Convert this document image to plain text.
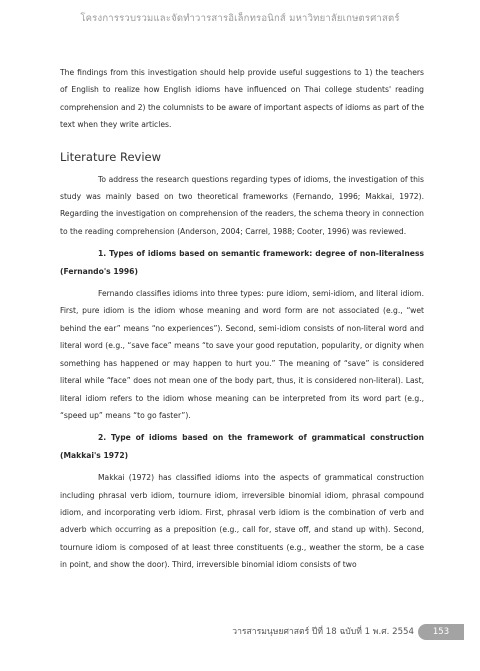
โครงการรวบรวมและจัดทำวารสารอิเล็กทรอนิกส์ มหาวิทยาลัยเกษตรศาสตร์

The findings from this investigation should help provide useful suggestions to 1) the teachers of English to realize how English idioms have influenced on Thai college students' reading comprehension and 2) the columnists to be aware of important aspects of idioms as part of the text when they write articles.

Literature Review

To address the research questions regarding types of idioms, the investigation of this study was mainly based on two theoretical frameworks (Fernando, 1996; Makkai, 1972). Regarding the investigation on comprehension of the readers, the schema theory in connection to the reading comprehension (Anderson, 2004; Carrel, 1988; Cooter, 1996) was reviewed.

1. Types of idioms based on semantic framework: degree of non-literalness (Fernando's 1996)

Fernando classifies idioms into three types: pure idiom, semi-idiom, and literal idiom. First, pure idiom is the idiom whose meaning and word form are not associated (e.g., “wet behind the ear” means “no experiences”). Second, semi-idiom consists of non-literal word and literal word (e.g., “save face” means “to save your good reputation, popularity, or dignity when something has happened or may happen to hurt you.” The meaning of “save” is considered literal while “face” does not mean one of the body part, thus, it is considered non-literal). Last, literal idiom refers to the idiom whose meaning can be interpreted from its word part (e.g., “speed up” means “to go faster”).

2. Type of idioms based on the framework of grammatical construction (Makkai's 1972)

Makkai (1972) has classified idioms into the aspects of grammatical construction including phrasal verb idiom, tournure idiom, irreversible binomial idiom, phrasal compound idiom, and incorporating verb idiom. First, phrasal verb idiom is the combination of verb and adverb which occurring as a preposition (e.g., call for, stave off, and stand up with). Second, tournure idiom is composed of at least three constituents (e.g., weather the storm, be a case in point, and show the door). Third, irreversible binomial idiom consists of two

วารสารมนุษยศาสตร์ ปีที่ 18 ฉบับที่ 1 พ.ศ. 2554	153
